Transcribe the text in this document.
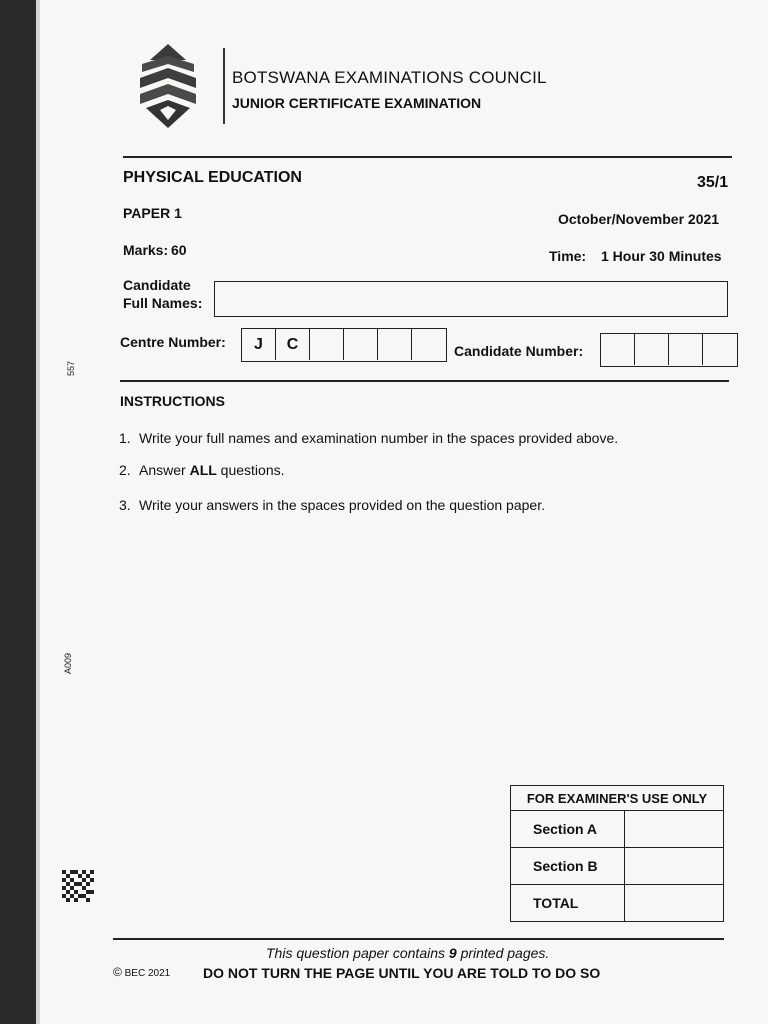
BOTSWANA EXAMINATIONS COUNCIL
JUNIOR CERTIFICATE EXAMINATION
PHYSICAL EDUCATION	35/1
PAPER 1	October/November 2021
Marks: 60	Time: 1 Hour 30 Minutes
Candidate
Full Names:
Centre Number:	J	C	Candidate Number:
INSTRUCTIONS
1. Write your full names and examination number in the spaces provided above.
2. Answer ALL questions.
3. Write your answers in the spaces provided on the question paper.
FOR EXAMINER'S USE ONLY	
Section A	
Section B	
TOTAL	
This question paper contains 9 printed pages.
© BEC 2021 DO NOT TURN THE PAGE UNTIL YOU ARE TOLD TO DO SO
557
A009
